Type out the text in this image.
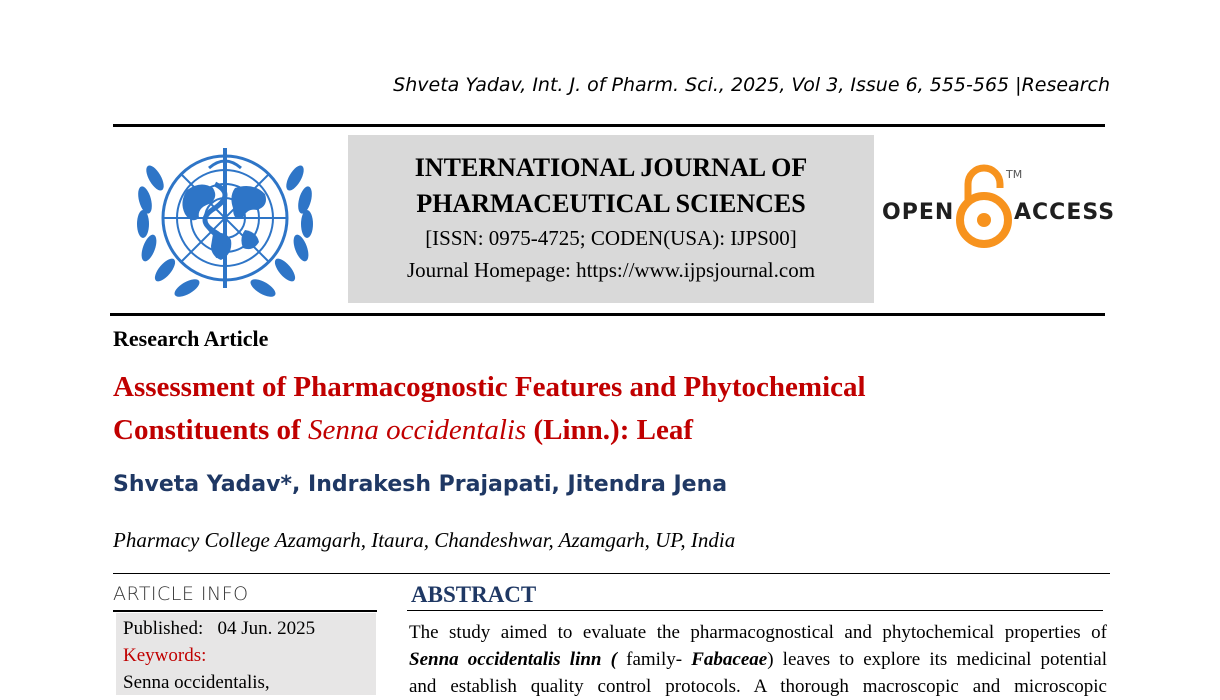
Shveta Yadav, Int. J. of Pharm. Sci., 2025, Vol 3, Issue 6, 555-565 |Research
INTERNATIONAL JOURNAL OF
PHARMACEUTICAL SCIENCES
[ISSN: 0975-4725; CODEN(USA): IJPS00]
Journal Homepage: https://www.ijpsjournal.com
OPEN
TM
ACCESS
Research Article
Assessment of Pharmacognostic Features and Phytochemical
Constituents of Senna occidentalis (Linn.): Leaf
Shveta Yadav*, Indrakesh Prajapati, Jitendra Jena
Pharmacy College Azamgarh, Itaura, Chandeshwar, Azamgarh, UP, India
ARTICLE INFO
Published: 04 Jun. 2025
Keywords:
Senna occidentalis,
ABSTRACT
The study aimed to evaluate the pharmacognostical and phytochemical properties of
Senna occidentalis linn ( family- Fabaceae) leaves to explore its medicinal potential
and establish quality control protocols. A thorough macroscopic and microscopic
